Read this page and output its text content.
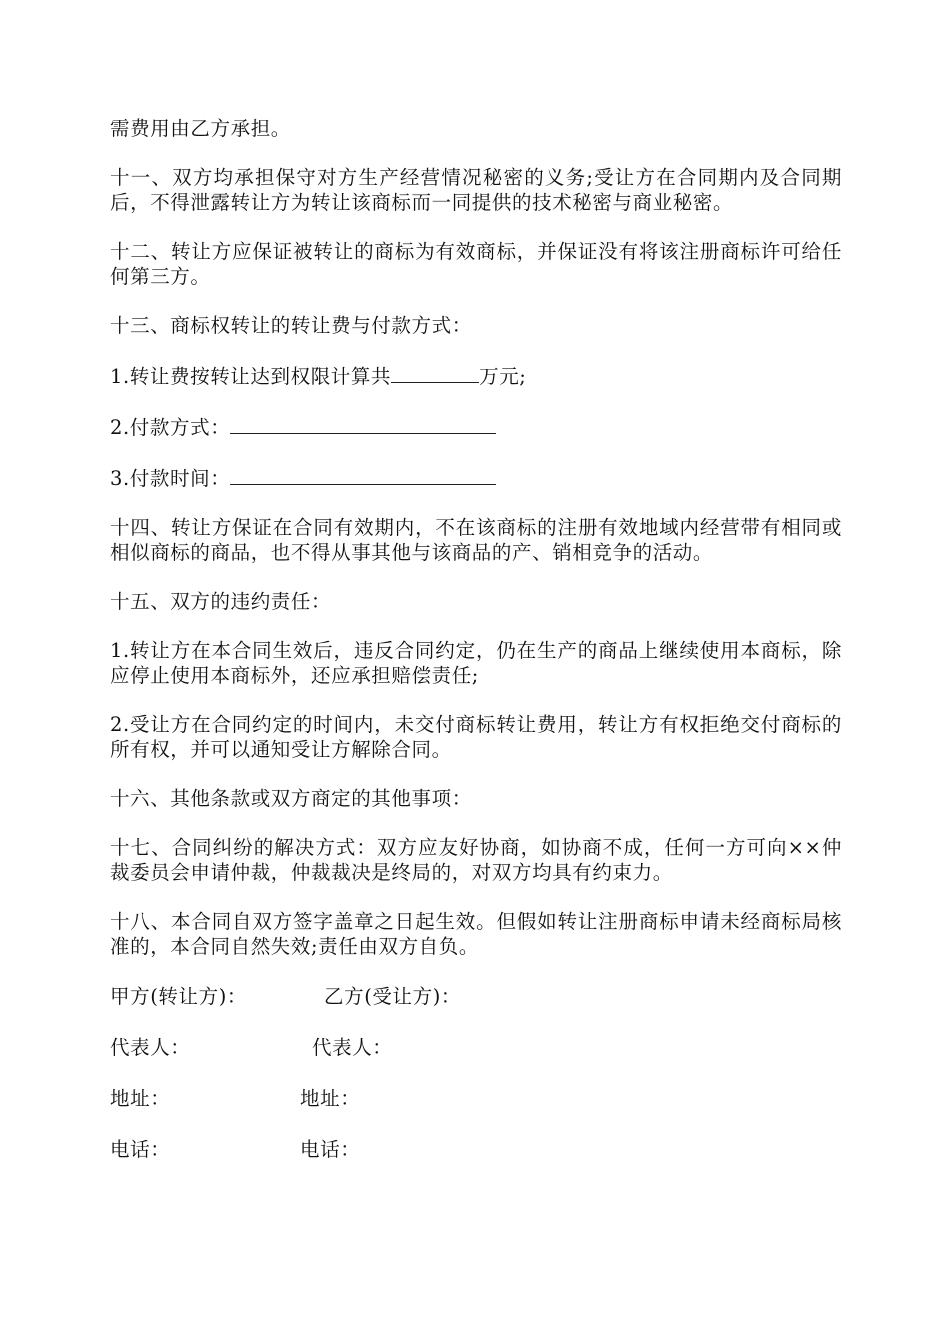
需费用由乙方承担。

十一、双方均承担保守对方生产经营情况秘密的义务;受让方在合同期内及合同期后，不得泄露转让方为转让该商标而一同提供的技术秘密与商业秘密。

十二、转让方应保证被转让的商标为有效商标，并保证没有将该注册商标许可给任何第三方。

十三、商标权转让的转让费与付款方式：

1.转让费按转让达到权限计算共	万元;

2.付款方式：

3.付款时间：

十四、转让方保证在合同有效期内，不在该商标的注册有效地域内经营带有相同或相似商标的商品，也不得从事其他与该商品的产、销相竞争的活动。

十五、双方的违约责任：

1.转让方在本合同生效后，违反合同约定，仍在生产的商品上继续使用本商标，除应停止使用本商标外，还应承担赔偿责任;

2.受让方在合同约定的时间内，未交付商标转让费用，转让方有权拒绝交付商标的所有权，并可以通知受让方解除合同。

十六、其他条款或双方商定的其他事项：

十七、合同纠纷的解决方式：双方应友好协商，如协商不成，任何一方可向××仲裁委员会申请仲裁，仲裁裁决是终局的，对双方均具有约束力。

十八、本合同自双方签字盖章之日起生效。但假如转让注册商标申请未经商标局核准的，本合同自然失效;责任由双方自负。

甲方(转让方)：	乙方(受让方)：
代表人：	代表人：
地址：	地址：
电话：	电话：
